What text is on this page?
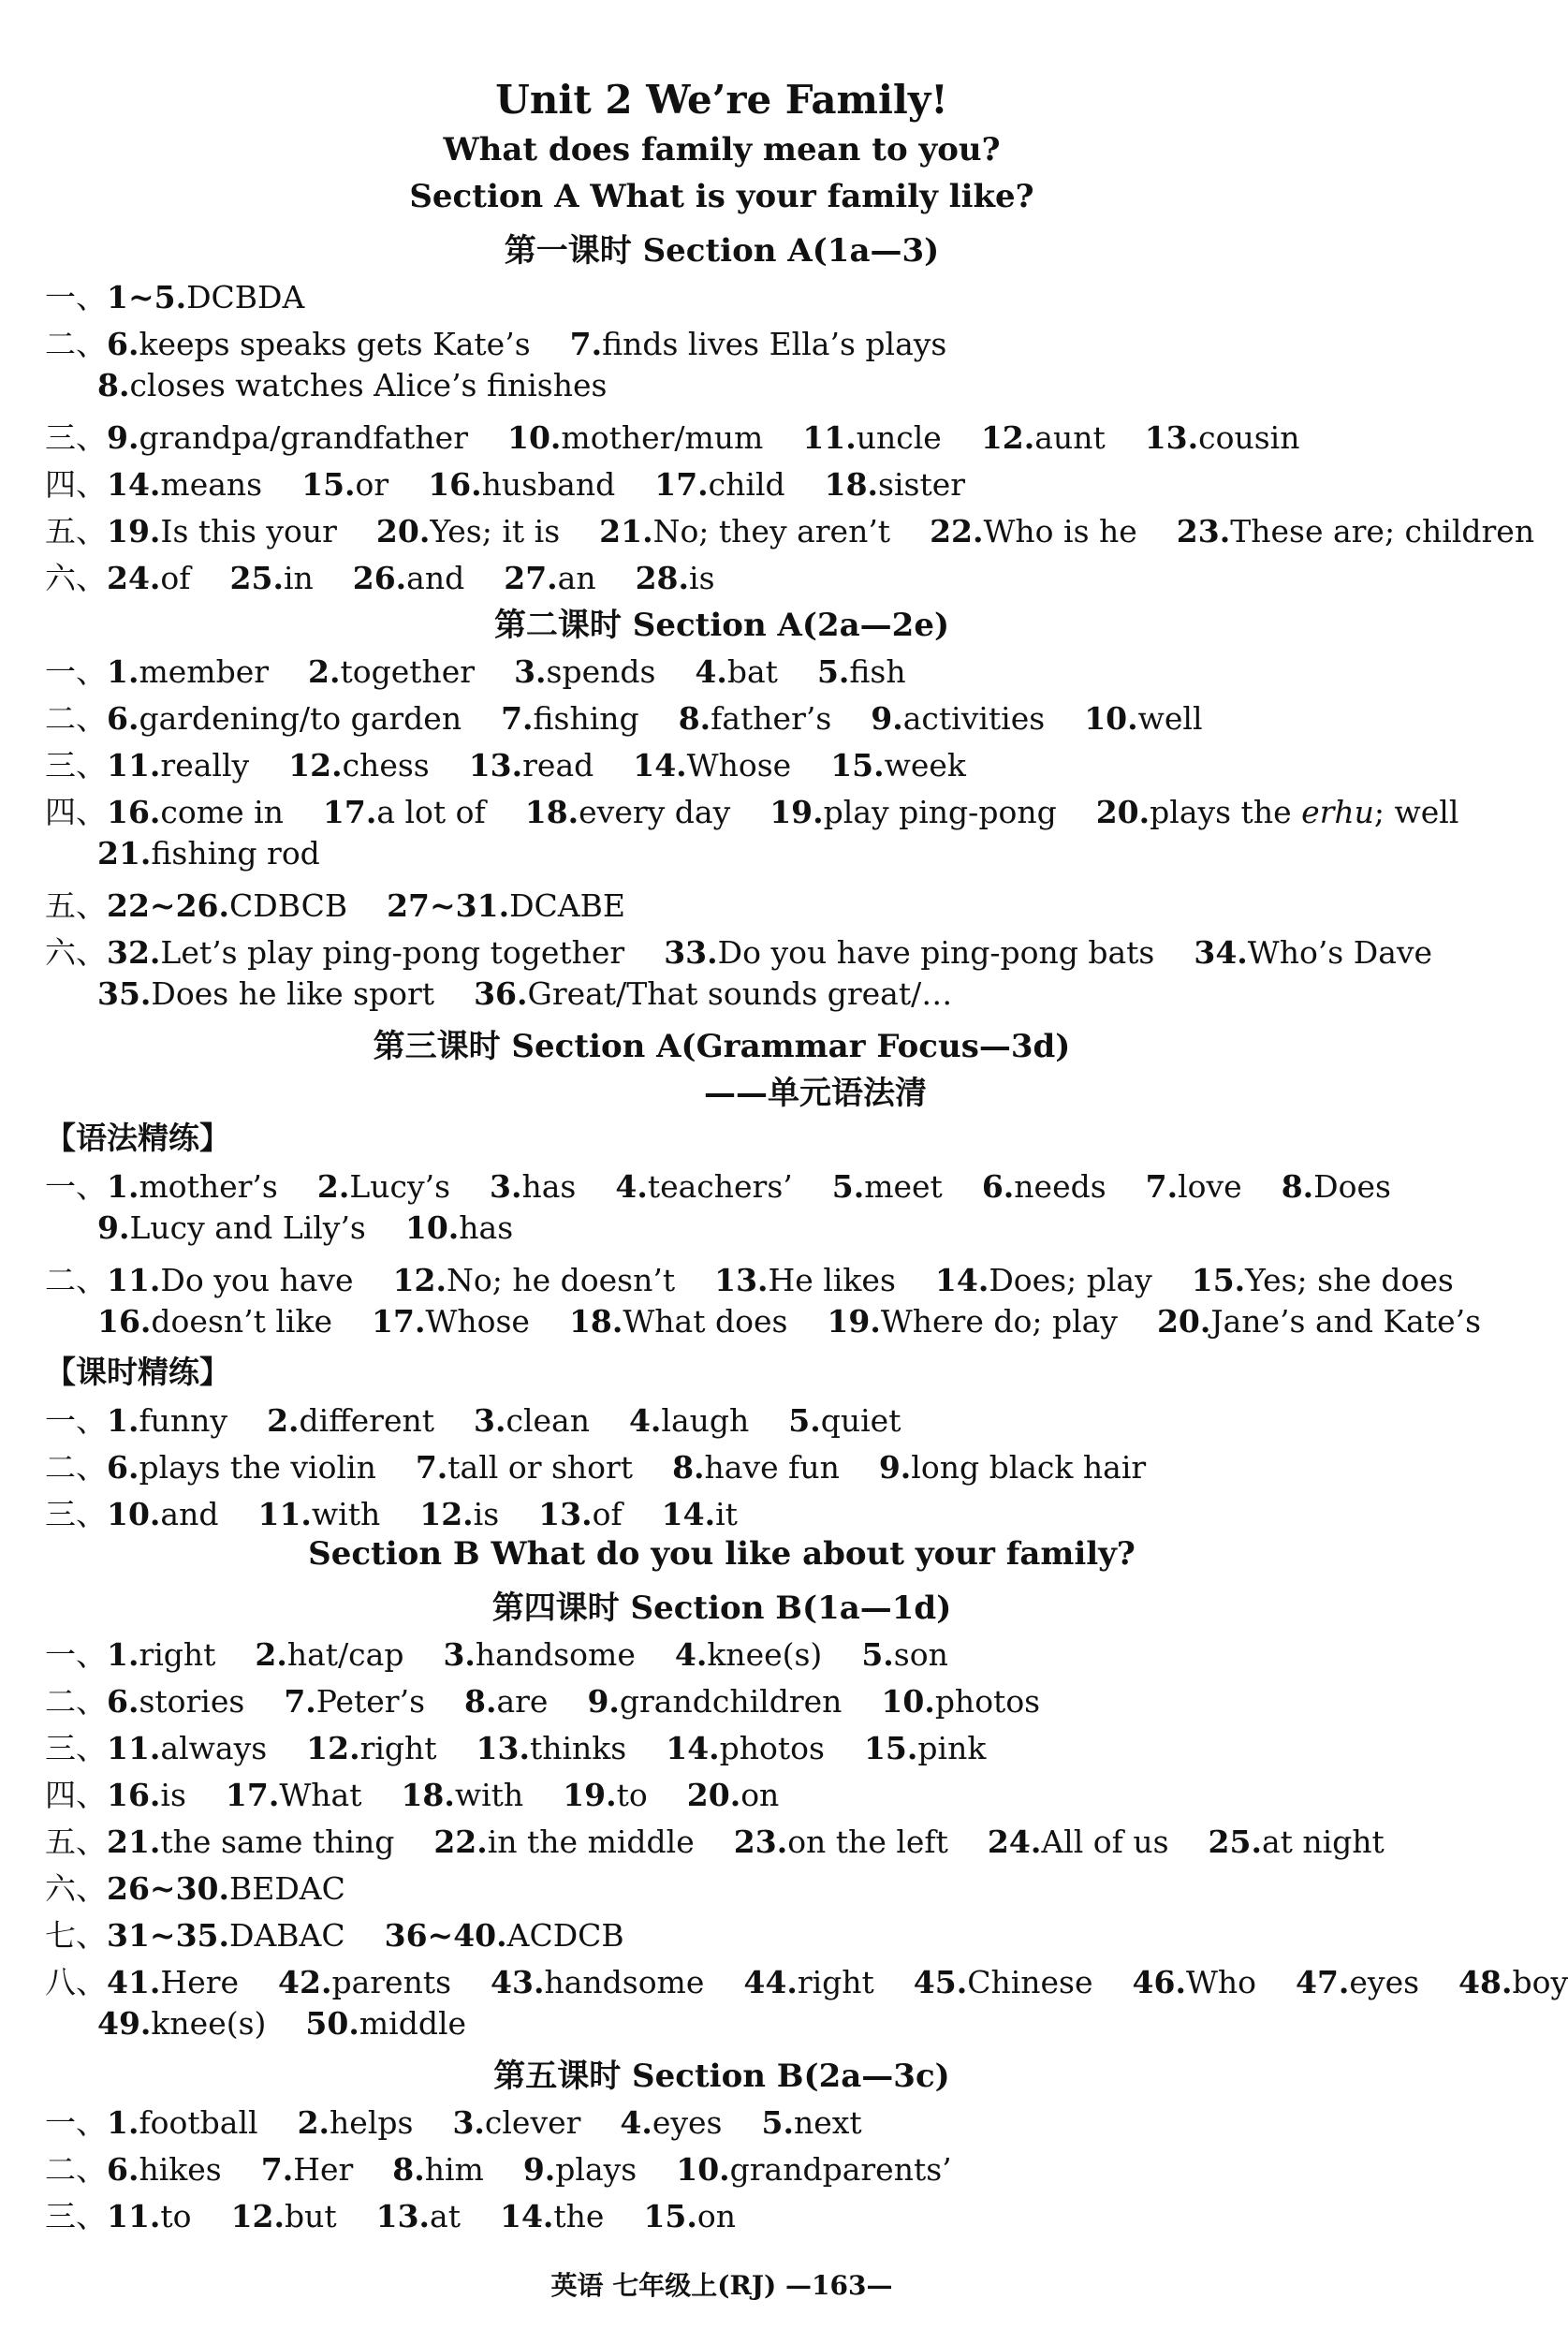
Unit 2 We’re Family!
What does family mean to you?
Section A What is your family like?
第一课时 Section A(1a—3)
第二课时 Section A(2a—2e)
第三课时 Section A(Grammar Focus—3d)
——单元语法清
【语法精练】
【课时精练】
Section B What do you like about your family?
第四课时 Section B(1a—1d)
第五课时 Section B(2a—3c)
一、1~5.DCBDA
二、6.keeps speaks gets Kate’s 7.finds lives Ella’s plays
8.closes watches Alice’s finishes
三、9.grandpa/grandfather 10.mother/mum 11.uncle 12.aunt 13.cousin
四、14.means 15.or 16.husband 17.child 18.sister
五、19.Is this your 20.Yes; it is 21.No; they aren’t 22.Who is he 23.These are; children
六、24.of 25.in 26.and 27.an 28.is
一、1.member 2.together 3.spends 4.bat 5.fish
二、6.gardening/to garden 7.fishing 8.father’s 9.activities 10.well
三、11.really 12.chess 13.read 14.Whose 15.week
四、16.come in 17.a lot of 18.every day 19.play ping-pong 20.plays the erhu; well
21.fishing rod
五、22~26.CDBCB 27~31.DCABE
六、32.Let’s play ping-pong together 33.Do you have ping-pong bats 34.Who’s Dave
35.Does he like sport 36.Great/That sounds great/…
一、1.mother’s 2.Lucy’s 3.has 4.teachers’ 5.meet 6.needs 7.love 8.Does
9.Lucy and Lily’s 10.has
二、11.Do you have 12.No; he doesn’t 13.He likes 14.Does; play 15.Yes; she does
16.doesn’t like 17.Whose 18.What does 19.Where do; play 20.Jane’s and Kate’s
一、1.funny 2.different 3.clean 4.laugh 5.quiet
二、6.plays the violin 7.tall or short 8.have fun 9.long black hair
三、10.and 11.with 12.is 13.of 14.it
一、1.right 2.hat/cap 3.handsome 4.knee(s) 5.son
二、6.stories 7.Peter’s 8.are 9.grandchildren 10.photos
三、11.always 12.right 13.thinks 14.photos 15.pink
四、16.is 17.What 18.with 19.to 20.on
五、21.the same thing 22.in the middle 23.on the left 24.All of us 25.at night
六、26~30.BEDAC
七、31~35.DABAC 36~40.ACDCB
八、41.Here 42.parents 43.handsome 44.right 45.Chinese 46.Who 47.eyes 48.boy
49.knee(s) 50.middle
一、1.football 2.helps 3.clever 4.eyes 5.next
二、6.hikes 7.Her 8.him 9.plays 10.grandparents’
三、11.to 12.but 13.at 14.the 15.on
英语 七年级上(RJ) —163—
